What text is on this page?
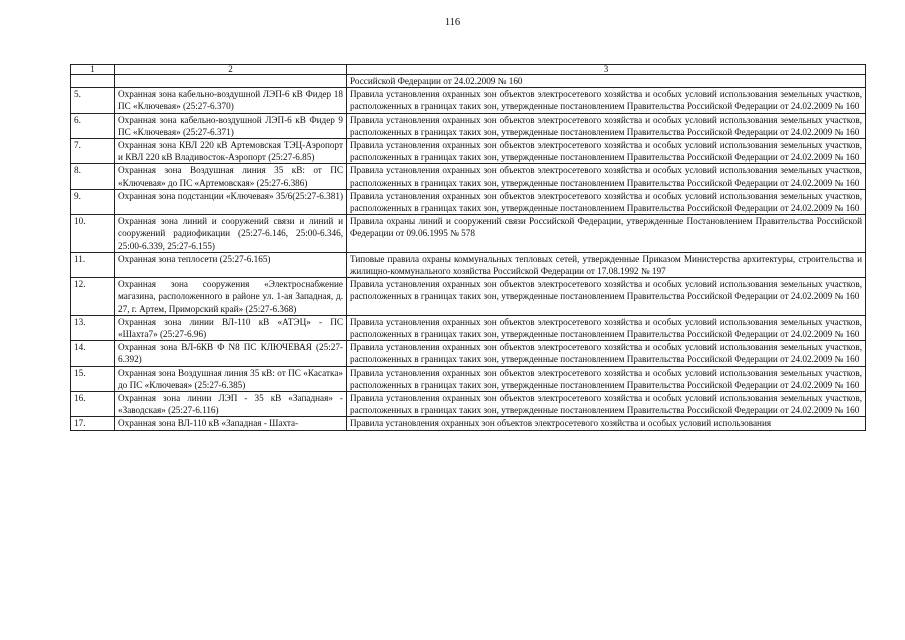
116
1	2	3
		Российской Федерации от 24.02.2009 № 160
5.	Охранная зона кабельно-воздушной ЛЭП-6 кВ Фидер 18 ПС «Ключевая» (25:27-6.370)	Правила установления охранных зон объектов электросетевого хозяйства и особых условий использования земельных участков, расположенных в границах таких зон, утвержденные постановлением Правительства Российской Федерации от 24.02.2009 № 160
6.	Охранная зона кабельно-воздушной ЛЭП-6 кВ Фидер 9 ПС «Ключевая» (25:27-6.371)	Правила установления охранных зон объектов электросетевого хозяйства и особых условий использования земельных участков, расположенных в границах таких зон, утвержденные постановлением Правительства Российской Федерации от 24.02.2009 № 160
7.	Охранная зона КВЛ 220 кВ Артемовская ТЭЦ-Аэропорт и КВЛ 220 кВ Владивосток-Аэропорт (25:27-6.85)	Правила установления охранных зон объектов электросетевого хозяйства и особых условий использования земельных участков, расположенных в границах таких зон, утвержденные постановлением Правительства Российской Федерации от 24.02.2009 № 160
8.	Охранная зона Воздушная линия 35 кВ: от ПС «Ключевая» до ПС «Артемовская» (25:27-6.386)	Правила установления охранных зон объектов электросетевого хозяйства и особых условий использования земельных участков, расположенных в границах таких зон, утвержденные постановлением Правительства Российской Федерации от 24.02.2009 № 160
9.	Охранная зона подстанции «Ключевая» 35/6(25:27-6.381)	Правила установления охранных зон объектов электросетевого хозяйства и особых условий использования земельных участков, расположенных в границах таких зон, утвержденные постановлением Правительства Российской Федерации от 24.02.2009 № 160
10.	Охранная зона линий и сооружений связи и линий и сооружений радиофикации (25:27-6.146, 25:00-6.346, 25:00-6.339, 25:27-6.155)	Правила охраны линий и сооружений связи Российской Федерации, утвержденные Постановлением Правительства Российской Федерации от 09.06.1995 № 578
11.	Охранная зона теплосети (25:27-6.165)	Типовые правила охраны коммунальных тепловых сетей, утвержденные Приказом Министерства архитектуры, строительства и жилищно-коммунального хозяйства Российской Федерации от 17.08.1992 № 197
12.	Охранная зона сооружения «Электроснабжение магазина, расположенного в районе ул. 1-ая Западная, д. 27, г. Артем, Приморский край» (25:27-6.368)	Правила установления охранных зон объектов электросетевого хозяйства и особых условий использования земельных участков, расположенных в границах таких зон, утвержденные постановлением Правительства Российской Федерации от 24.02.2009 № 160
13.	Охранная зона линии ВЛ-110 кВ «АТЭЦ» - ПС «Шахта7» (25:27-6.96)	Правила установления охранных зон объектов электросетевого хозяйства и особых условий использования земельных участков, расположенных в границах таких зон, утвержденные постановлением Правительства Российской Федерации от 24.02.2009 № 160
14.	Охранная зона ВЛ-6КВ Ф N8 ПС КЛЮЧЕВАЯ (25:27-6.392)	Правила установления охранных зон объектов электросетевого хозяйства и особых условий использования земельных участков, расположенных в границах таких зон, утвержденные постановлением Правительства Российской Федерации от 24.02.2009 № 160
15.	Охранная зона Воздушная линия 35 кВ: от ПС «Касатка» до ПС «Ключевая» (25:27-6.385)	Правила установления охранных зон объектов электросетевого хозяйства и особых условий использования земельных участков, расположенных в границах таких зон, утвержденные постановлением Правительства Российской Федерации от 24.02.2009 № 160
16.	Охранная зона линии ЛЭП - 35 кВ «Западная» - «Заводская» (25:27-6.116)	Правила установления охранных зон объектов электросетевого хозяйства и особых условий использования земельных участков, расположенных в границах таких зон, утвержденные постановлением Правительства Российской Федерации от 24.02.2009 № 160
17.	Охранная зона ВЛ-110 кВ «Западная - Шахта-	Правила установления охранных зон объектов электросетевого хозяйства и особых условий использования
